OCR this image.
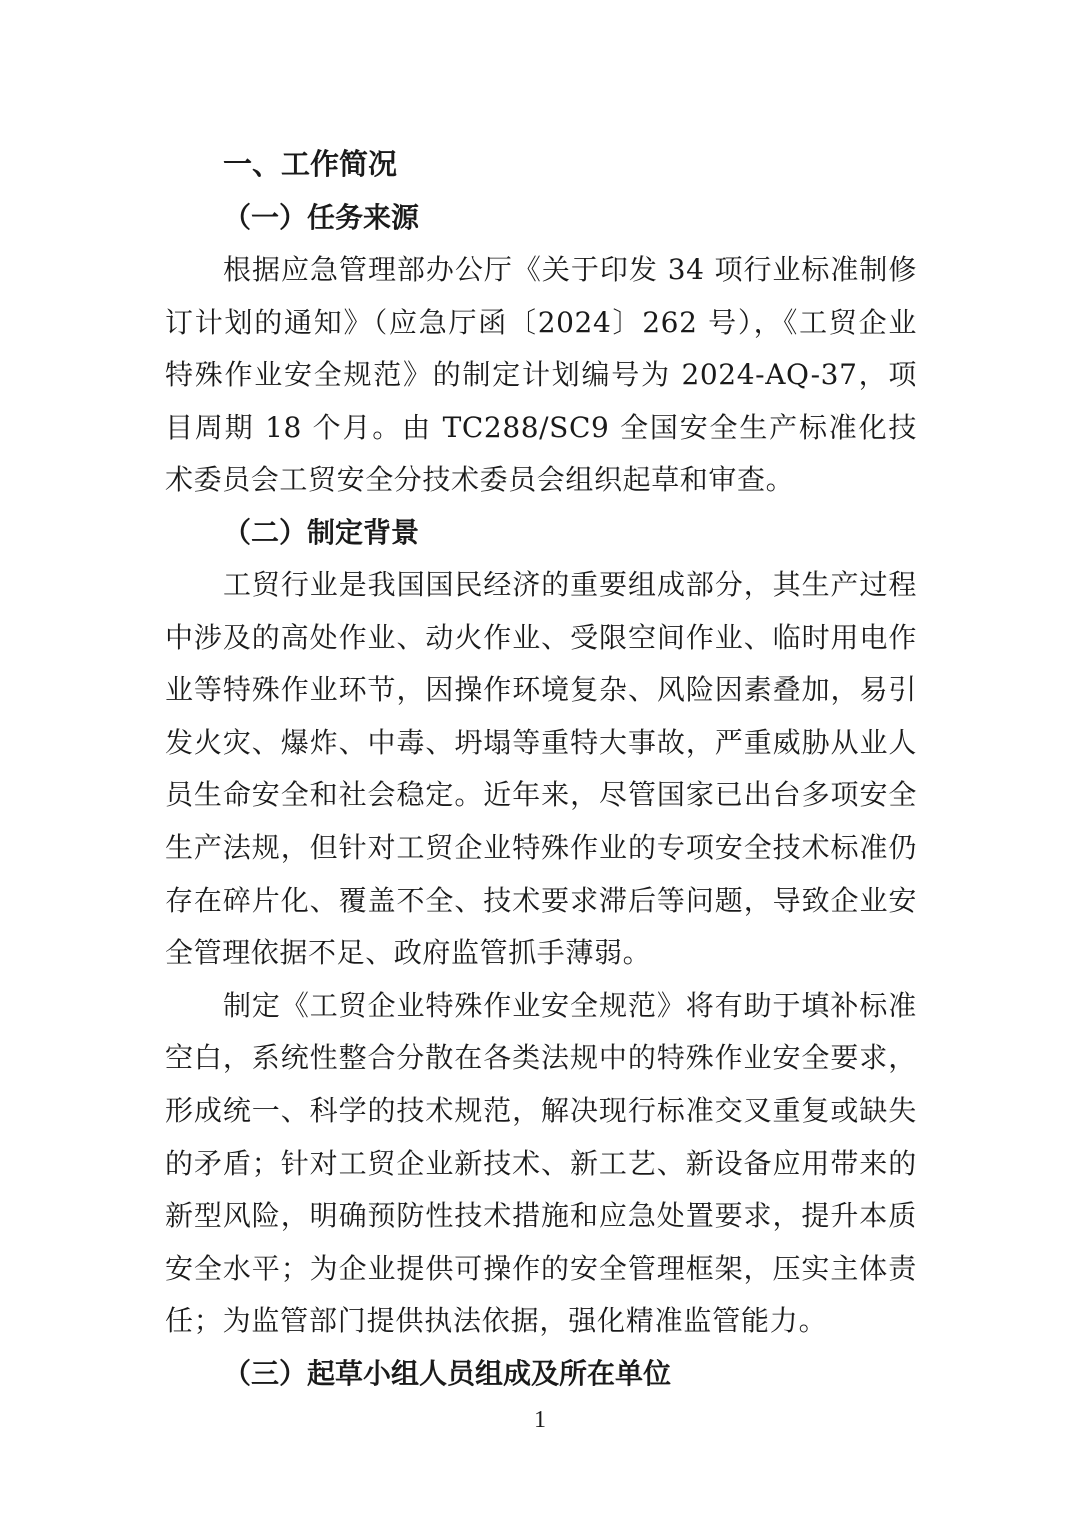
一、工作简况
（一）任务来源

根据应急管理部办公厅《关于印发 34 项行业标准制修订计划的通知》（应急厅函〔2024〕262 号），《工贸企业特殊作业安全规范》的制定计划编号为 2024-AQ-37，项目周期 18 个月。由 TC288/SC9 全国安全生产标准化技术委员会工贸安全分技术委员会组织起草和审查。

（二）制定背景

工贸行业是我国国民经济的重要组成部分，其生产过程中涉及的高处作业、动火作业、受限空间作业、临时用电作业等特殊作业环节，因操作环境复杂、风险因素叠加，易引发火灾、爆炸、中毒、坍塌等重特大事故，严重威胁从业人员生命安全和社会稳定。近年来，尽管国家已出台多项安全生产法规，但针对工贸企业特殊作业的专项安全技术标准仍存在碎片化、覆盖不全、技术要求滞后等问题，导致企业安全管理依据不足、政府监管抓手薄弱。

制定《工贸企业特殊作业安全规范》将有助于填补标准空白，系统性整合分散在各类法规中的特殊作业安全要求，形成统一、科学的技术规范，解决现行标准交叉重复或缺失的矛盾；针对工贸企业新技术、新工艺、新设备应用带来的新型风险，明确预防性技术措施和应急处置要求，提升本质安全水平；为企业提供可操作的安全管理框架，压实主体责任；为监管部门提供执法依据，强化精准监管能力。

（三）起草小组人员组成及所在单位
1
